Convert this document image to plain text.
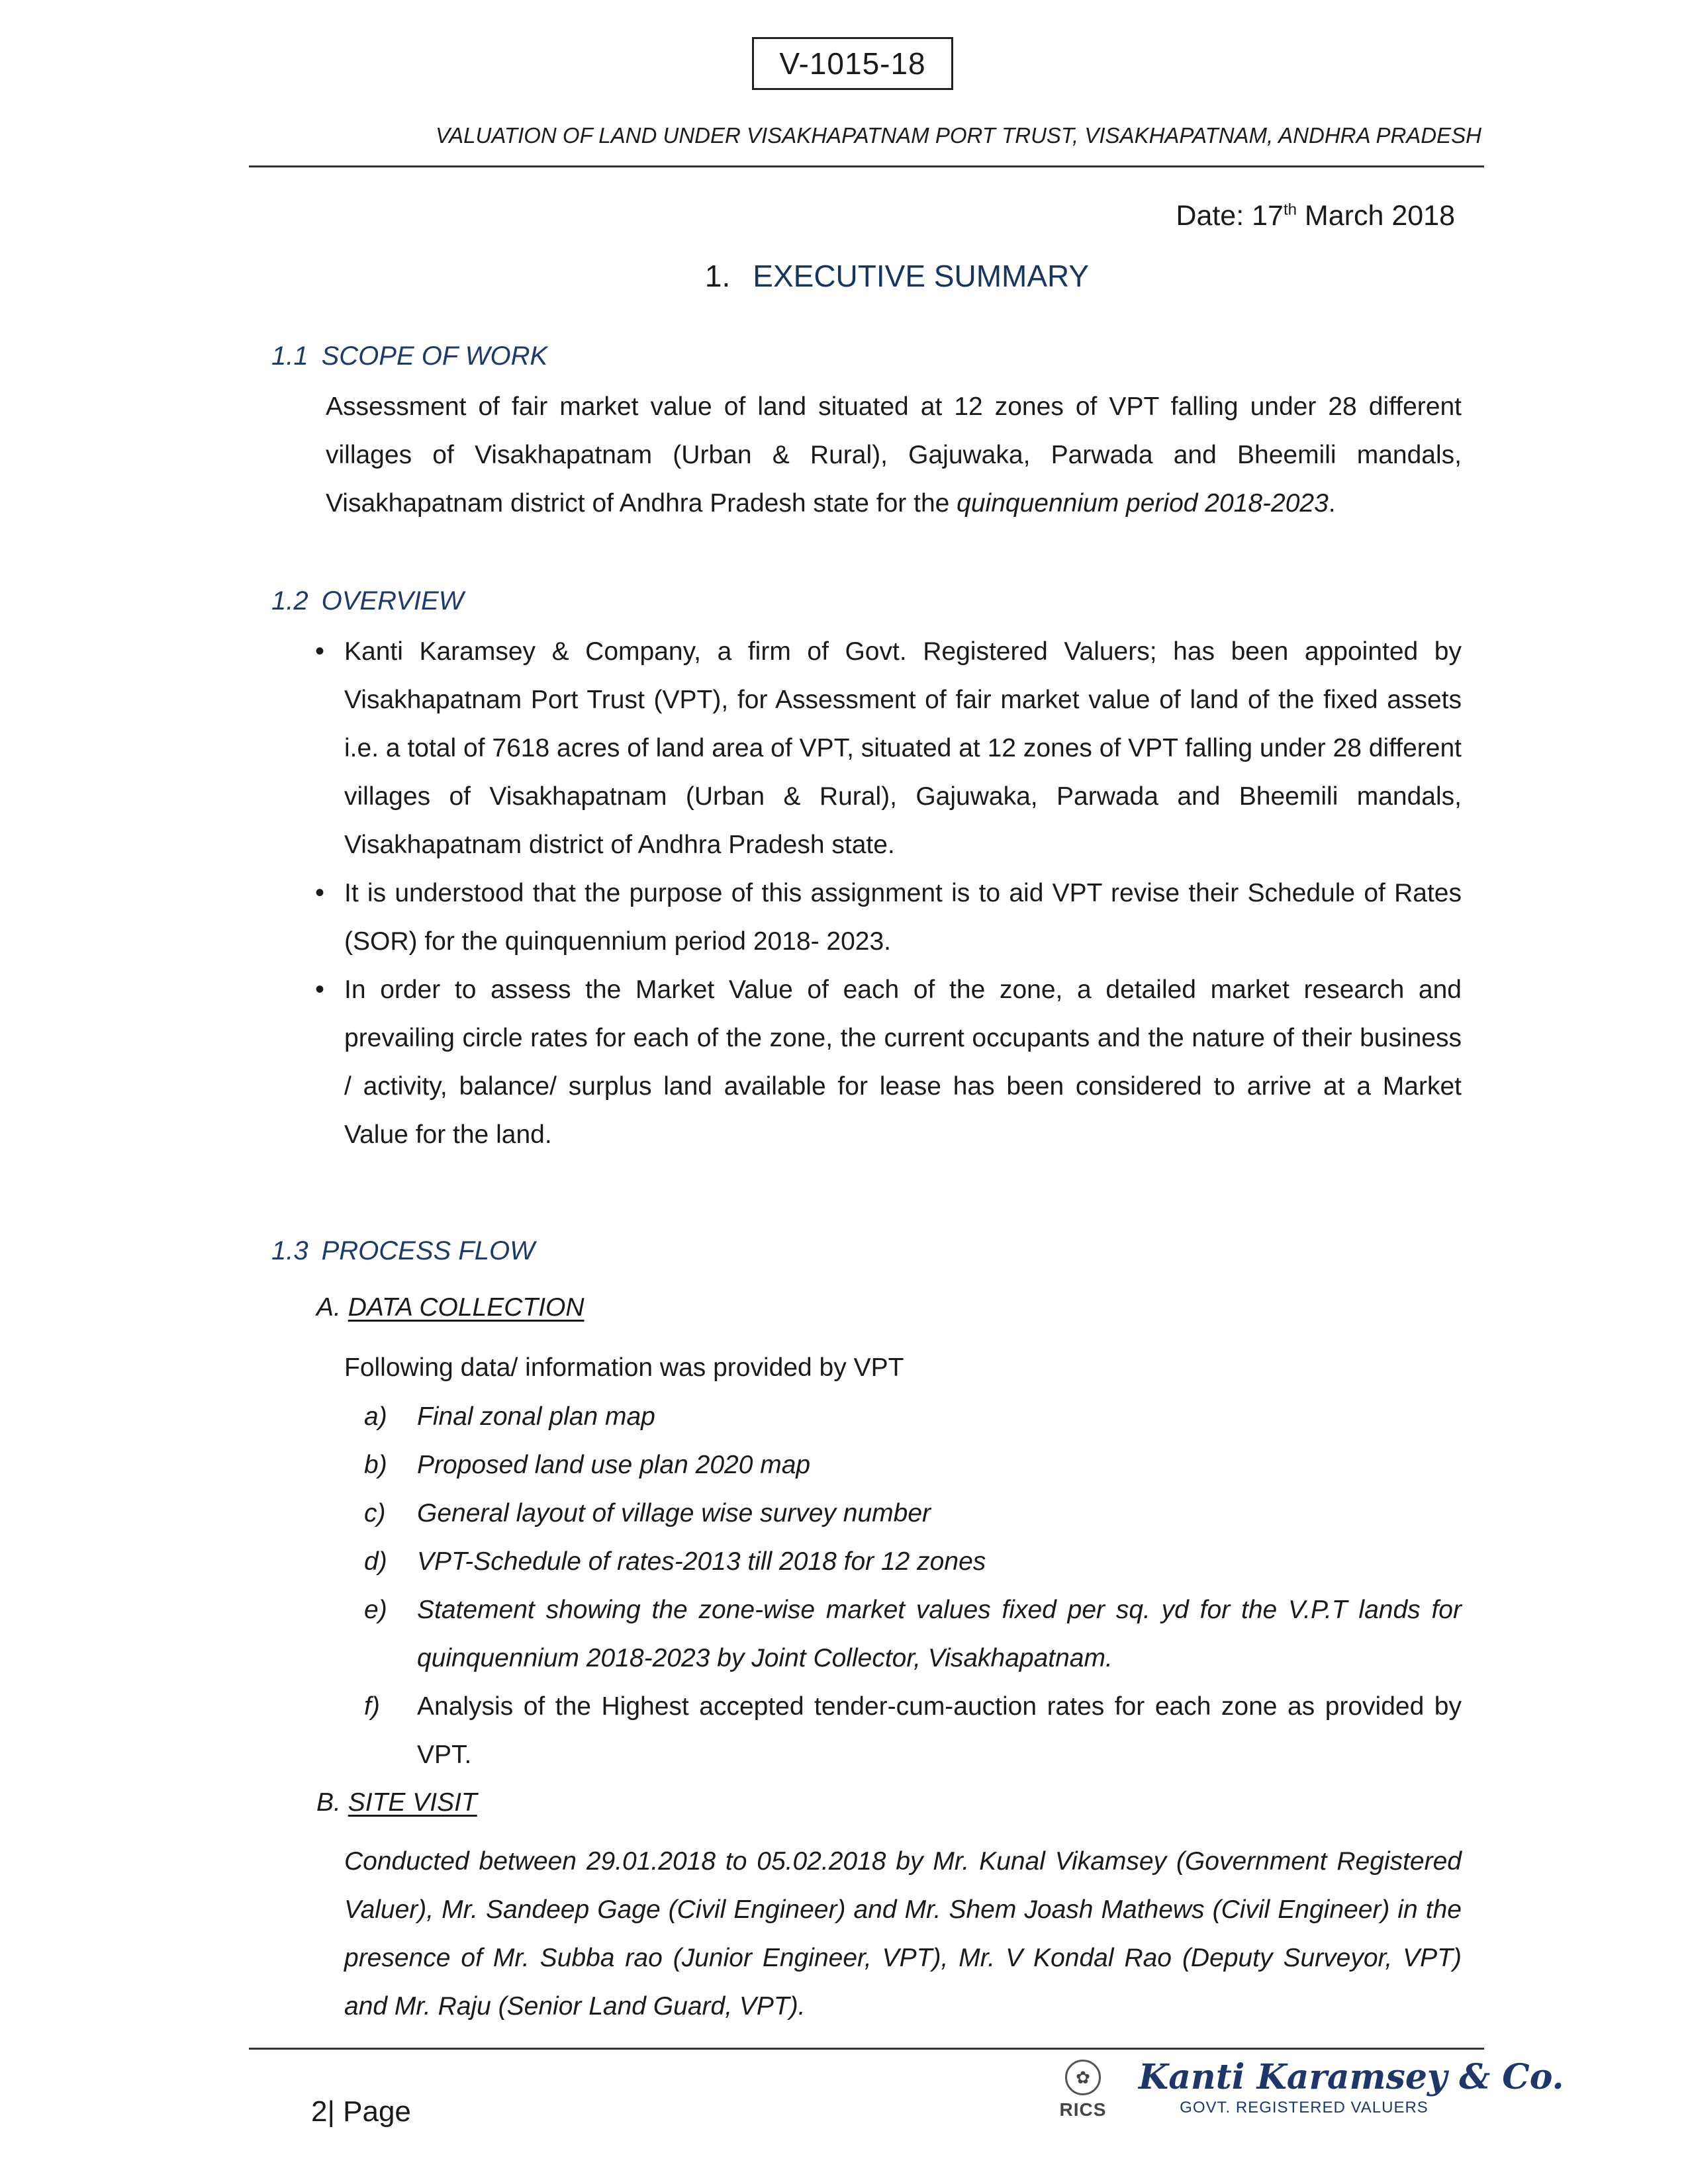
V-1015-18
VALUATION OF LAND UNDER VISAKHAPATNAM PORT TRUST, VISAKHAPATNAM, ANDHRA PRADESH
Date: 17th March 2018
1. EXECUTIVE SUMMARY
1.1 SCOPE OF WORK
Assessment of fair market value of land situated at 12 zones of VPT falling under 28 different villages of Visakhapatnam (Urban & Rural), Gajuwaka, Parwada and Bheemili mandals, Visakhapatnam district of Andhra Pradesh state for the quinquennium period 2018-2023.
1.2 OVERVIEW
• Kanti Karamsey & Company, a firm of Govt. Registered Valuers; has been appointed by Visakhapatnam Port Trust (VPT), for Assessment of fair market value of land of the fixed assets i.e. a total of 7618 acres of land area of VPT, situated at 12 zones of VPT falling under 28 different villages of Visakhapatnam (Urban & Rural), Gajuwaka, Parwada and Bheemili mandals, Visakhapatnam district of Andhra Pradesh state.
• It is understood that the purpose of this assignment is to aid VPT revise their Schedule of Rates (SOR) for the quinquennium period 2018- 2023.
• In order to assess the Market Value of each of the zone, a detailed market research and prevailing circle rates for each of the zone, the current occupants and the nature of their business / activity, balance/ surplus land available for lease has been considered to arrive at a Market Value for the land.
1.3 PROCESS FLOW
A. DATA COLLECTION
Following data/ information was provided by VPT
a) Final zonal plan map
b) Proposed land use plan 2020 map
c) General layout of village wise survey number
d) VPT-Schedule of rates-2013 till 2018 for 12 zones
e) Statement showing the zone-wise market values fixed per sq. yd for the V.P.T lands for quinquennium 2018-2023 by Joint Collector, Visakhapatnam.
f) Analysis of the Highest accepted tender-cum-auction rates for each zone as provided by VPT.
B. SITE VISIT
Conducted between 29.01.2018 to 05.02.2018 by Mr. Kunal Vikamsey (Government Registered Valuer), Mr. Sandeep Gage (Civil Engineer) and Mr. Shem Joash Mathews (Civil Engineer) in the presence of Mr. Subba rao (Junior Engineer, VPT), Mr. V Kondal Rao (Deputy Surveyor, VPT) and Mr. Raju (Senior Land Guard, VPT).
2| Page
✿
RICS
Kanti Karamsey & Co.
GOVT. REGISTERED VALUERS
